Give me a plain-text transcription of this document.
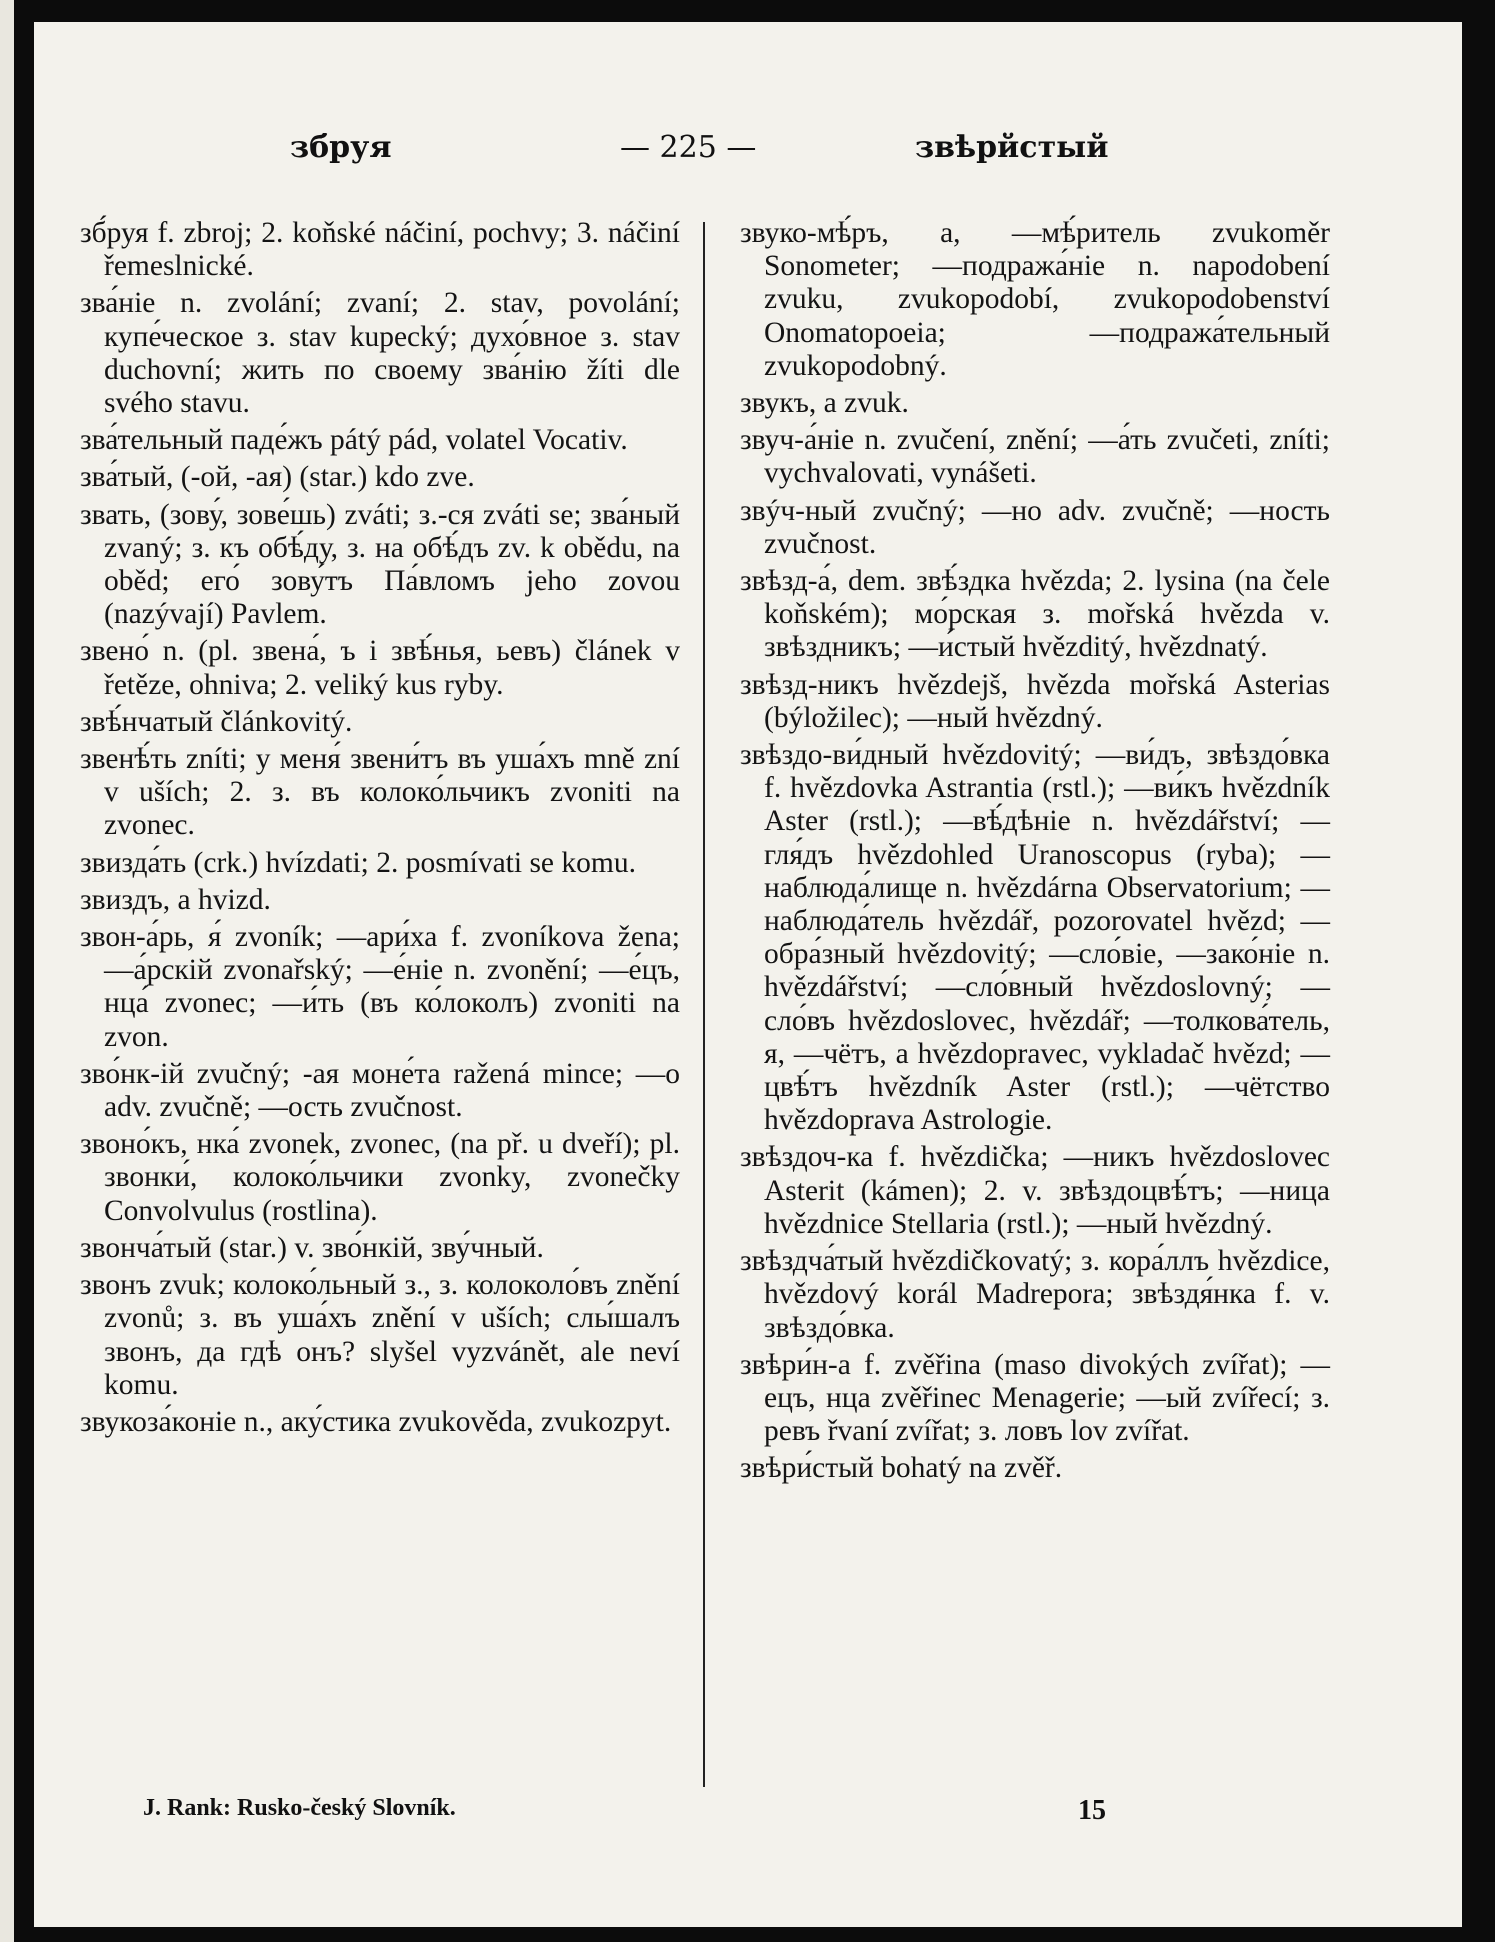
зб́руя	— 225 —	звѣрйстый
зб́руя f. zbroj; 2. koňské náčiní, pochvy; 3. náčiní řemeslnické.
зва́ніе n. zvolání; zvaní; 2. stav, povolání; купе́ческое з. stav kupecký; духо́вное з. stav duchovní; жить по своему зва́нію žíti dle svého stavu.
зва́тельный паде́жъ pátý pád, volatel Vocativ.
зва́тый, (-ой, -ая) (star.) kdo zve.
звать, (зову́, зове́шь) zváti; з.-ся zváti se; зва́ный zvaný; з. къ обѣ́ду, з. на обѣ́дъ zv. k obědu, na oběd; его́ зову́тъ Па́вломъ jeho zovou (nazývají) Pavlem.
звено́ n. (pl. звена́, ъ i звѣ́нья, ьевъ) článek v řetěze, ohniva; 2. veliký kus ryby.
звѣ́нчатый článkovitý.
звенѣ́ть zníti; у меня́ звени́тъ въ уша́хъ mně zní v uších; 2. з. въ колоко́льчикъ zvoniti na zvonec.
звизда́ть (crk.) hvízdati; 2. posmívati se komu.
звиздъ, а hvizd.
звон-а́рь, я́ zvoník; —ари́ха f. zvoníkova žena; —а́рскій zvonařský; —е́ніе n. zvonění; —е́цъ, нца́ zvonec; —и́ть (въ ко́локолъ) zvoniti na zvon.
зво́нк-ій zvučný; -ая моне́та ražená mince; —о adv. zvučně; —ость zvučnost.
звоно́къ, нка́ zvonek, zvonec, (na př. u dveří); pl. звонки́, колоко́льчики zvonky, zvonečky Convolvulus (rostlina).
звонча́тый (star.) v. зво́нкій, зву́чный.
звонъ zvuk; колоко́льный з., з. колоколо́въ znění zvonů; з. въ уша́хъ znění v uších; слы́шалъ звонъ, да гдѣ онъ? slyšel vyzvánět, ale neví komu.
звукоза́коніе n., аку́стика zvukověda, zvukozpyt.
звуко-мѣ́ръ, а, —мѣ́ритель zvukoměr Sonometer; —подража́ніе n. napodobení zvuku, zvukopodobí, zvukopodobenství Onomatopoeia; —подража́тельный zvukopodobný.
звукъ, а zvuk.
звуч-а́ніе n. zvučení, znění; —а́ть zvučeti, zníti; vychvalovati, vynášeti.
звýч-ный zvučný; —но adv. zvučně; —ность zvučnost.
звѣзд-а́, dem. звѣ́здка hvězda; 2. lysina (na čele koňském); мо́рская з. mořská hvězda v. звѣздникъ; —и́стый hvězditý, hvězdnatý.
звѣзд-никъ hvězdejš, hvězda mořská Asterias (býložilec); —ный hvězdný.
звѣздо-ви́дный hvězdovitý; —ви́дъ, звѣздо́вка f. hvězdovka Astrantia (rstl.); —ви́къ hvězdník Aster (rstl.); —вѣ́дѣніе n. hvězdářství; —гля́дъ hvězdohled Uranoscopus (ryba); —наблюда́лище n. hvězdárna Observatorium; —наблюда́тель hvězdář, pozorovatel hvězd; —обра́зный hvězdovitý; —сло́віе, —зако́ніе n. hvězdářství; —сло́вный hvězdoslovný; —сло́въ hvězdoslovec, hvězdář; —толкова́тель, я, —чётъ, a hvězdopravec, vykladač hvězd; —цвѣ́тъ hvězdník Aster (rstl.); —чётство hvězdoprava Astrologie.
звѣздоч-ка f. hvězdička; —никъ hvězdoslovec Asterit (kámen); 2. v. звѣздоцвѣ́тъ; —ница hvězdnice Stellaria (rstl.); —ный hvězdný.
звѣздча́тый hvězdičkovatý; з. кора́ллъ hvězdice, hvězdový korál Madrepora; звѣздя́нка f. v. звѣздо́вка.
звѣри́н-а f. zvěřina (maso divokých zvířat); —ецъ, нца zvěřinec Menagerie; —ый zvířecí; з. ревъ řvaní zvířat; з. ловъ lov zvířat.
звѣри́стый bohatý na zvěř.
J. Rank: Rusko-český Slovník.	15
